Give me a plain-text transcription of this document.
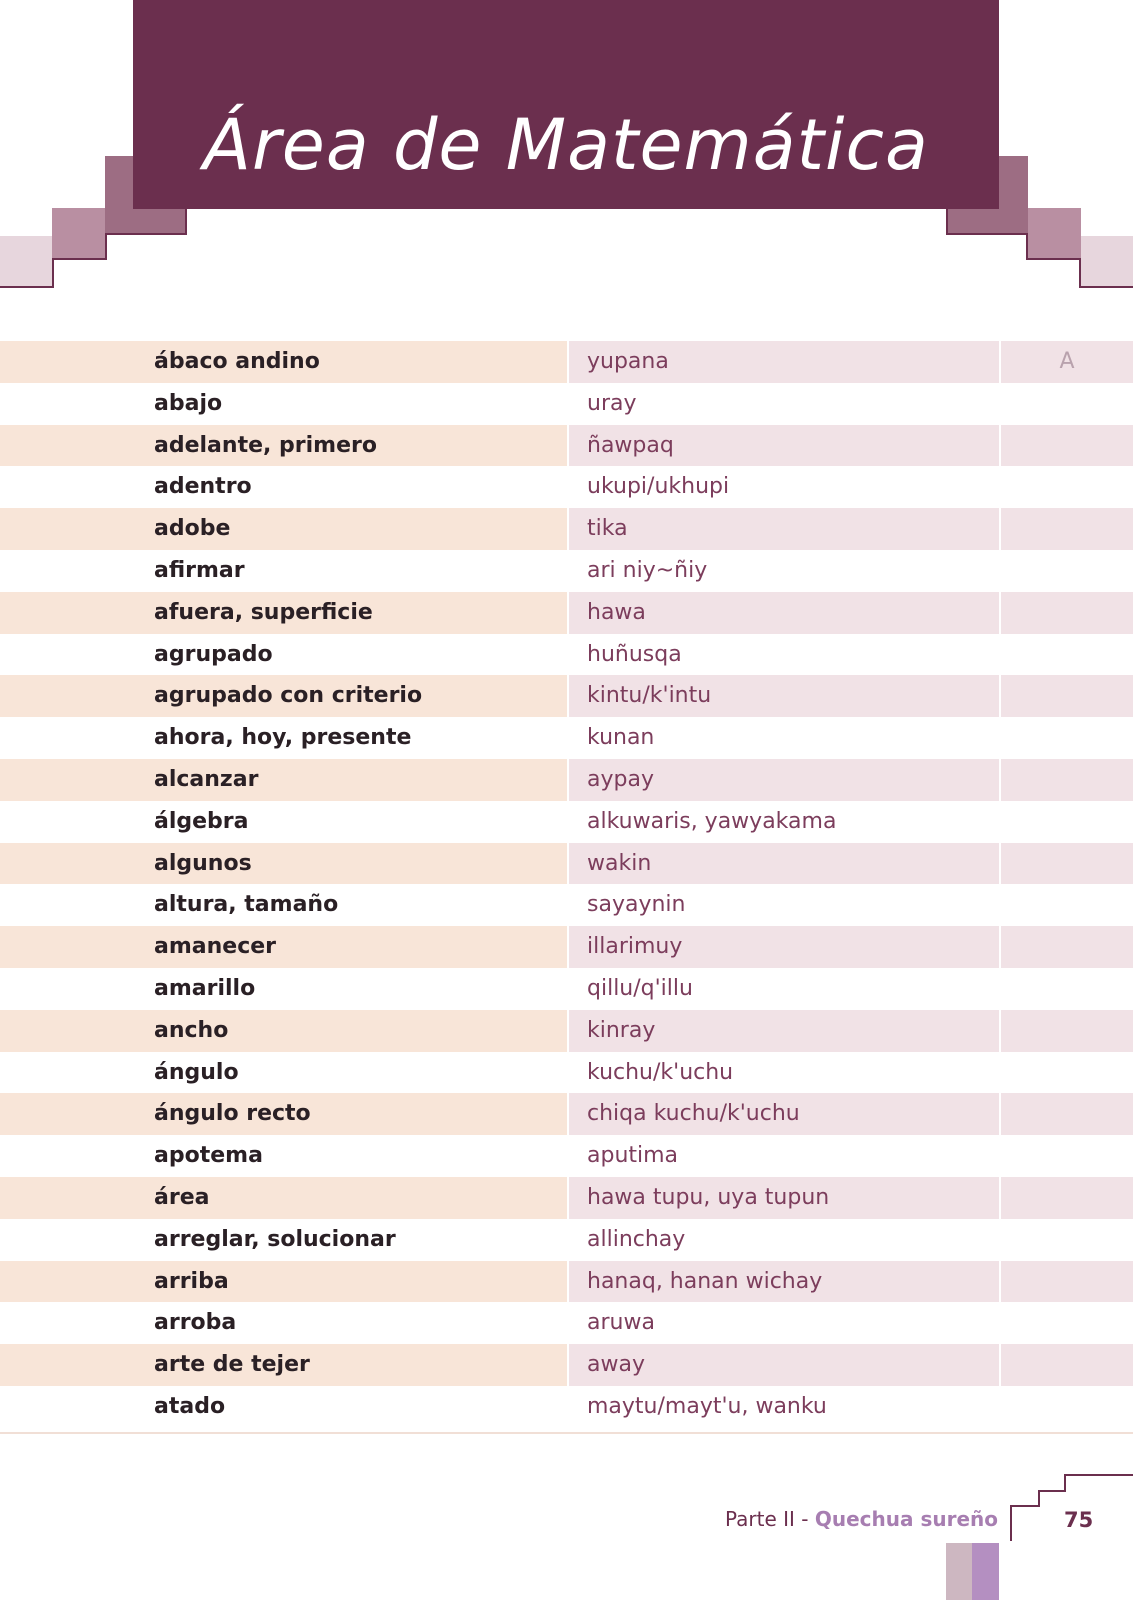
Área de Matemática
ábaco andino	yupana	A
abajo	uray
adelante, primero	ñawpaq
adentro	ukupi/ukhupi
adobe	tika
afirmar	ari niy~ñiy
afuera, superficie	hawa
agrupado	huñusqa
agrupado con criterio	kintu/k'intu
ahora, hoy, presente	kunan
alcanzar	aypay
álgebra	alkuwaris, yawyakama
algunos	wakin
altura, tamaño	sayaynin
amanecer	illarimuy
amarillo	qillu/q'illu
ancho	kinray
ángulo	kuchu/k'uchu
ángulo recto	chiqa kuchu/k'uchu
apotema	aputima
área	hawa tupu, uya tupun
arreglar, solucionar	allinchay
arriba	hanaq, hanan wichay
arroba	aruwa
arte de tejer	away
atado	maytu/mayt'u, wanku
Parte II - Quechua sureño	75
